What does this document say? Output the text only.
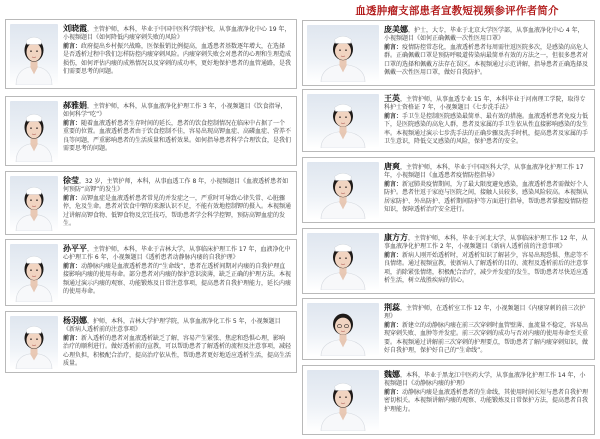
血透肿瘤支部患者宣教短视频参评作者简介
刘晓霞，主管护师，本科，毕业于中国中医科学院护校，从事血液净化中心 19 年，小视频题目《如何降低内瘘穿刺失败的风险》
前言：政府提出乡村振兴战略，医保报销比例提高，血透患者基数逐年增大，在选择是否透析过程中我们怎样防控内瘘穿刺风险。内瘘穿刺失败会对患者的心理和生理造成损伤，如何评估内瘘的成熟情况以及穿刺的成功率，更好地保护患者的血管通路，是我们需要思考的问题。
郝雅娟，主管护师，本科，从事血液净化护理工作 3 年，小视频题目《饮食指导，如何科学“吃”》
前言：随着血液透析患者生存时间的延长，患者的饮食控制情况在临床中占据了一个重要的位置。血液透析患者由于饮食控制不佳，容易出现高钾血症、高磷血症、营养不良等问题，严重影响患者的生活质量和透析效果。如何指导患者科学合理饮食，是我们需要思考的问题。
徐莹，32 岁，主管护师，本科，从事血透工作 8 年，小视频题目《血液透析患者如何预防“高钾”的发生》
前言：高钾血症是血液透析患者常见的并发症之一，严重时可导致心律失常、心脏骤停，危及生命。患者对饮食中钾的来源认识不足，不能有效地控制钾的摄入。本视频通过讲解高钾食物、低钾食物及烹饪技巧，帮助患者学会科学控钾，预防高钾血症的发生。
孙平平，主管护师，本科，毕业于吉林大学，从事临床护理工作 17 年，血液净化中心护理工作 6 年，小视频题目《透析患者动静脉内瘘的自我护理》
前言：动静脉内瘘是血液透析患者的“生命线”，患者在透析间期对内瘘的自我护理直接影响内瘘的使用寿命。部分患者对内瘘的保护意识淡薄，缺乏正确的护理方法。本视频通过演示内瘘的观察、功能锻炼及日常注意事项，提高患者自我护理能力，延长内瘘的使用寿命。
杨羽娜，护师，本科，吉林大学护理学院，从事血液净化工作 5 年，小视频题目《新病人透析前的注意事项》
前言：新入透析的患者对血液透析缺乏了解，容易产生紧张、焦虑和恐惧心理，影响治疗的顺利进行。做好透析前的宣教，可以帮助患者了解透析的流程及注意事项，减轻心理负担，积极配合治疗，提高治疗依从性，帮助患者更好地适应透析生活，提高生活质量。
庞美娜，护士，大专，毕业于北京大学医学部，从事血液净化中心 4 年，小视频题目《如何正确佩戴一次性医用口罩》
前言：疫情防控常态化，血液透析患者每周需往返医院多次，是感染的高危人群。正确佩戴口罩是预防呼吸道传染病最简单有效的方法之一，但很多患者对口罩的选择和佩戴方法存在误区。本视频通过示范讲解，指导患者正确选择及佩戴一次性医用口罩，做好自我防护。
王英，主管护师，从事血透专业 15 年，本科毕业于河南理工学院，取得专科护士资格证 7 年，小视频题目《七步洗手法》
前言：手卫生是控制医院感染最简单、最有效的措施。血液透析患者免疫力低下，是医院感染的高危人群，患者及家属的手卫生依从性直接影响感染的发生率。本视频通过演示七步洗手法的正确步骤及洗手时机，提高患者及家属的手卫生意识，降低交叉感染的风险，保护患者的安全。
唐爽，主管护师，本科，毕业于中国医科大学，从事血液净化护理工作 17 年，小视频题目《血透患者疫情防控指导》
前言：新冠肺炎疫情期间，为了最大限度避免感染，血液透析患者需做好个人防护。患者往返于家庭与医院之间，接触人员较多，感染风险较高。本视频从居家防护、外出防护、透析期间防护等方面进行指导，帮助患者掌握疫情防控知识，保障透析治疗安全进行。
康方方，主管护师，本科，毕业于河北大学，从事临床护理工作 12 年，从事血液净化护理工作 2 年，小视频题目《新病人透析前的注意事项》
前言：新病人刚开始透析时，对透析知识了解甚少，容易出现恐惧、焦虑等不良情绪。通过视频宣教，使新病人了解透析的目的、流程及透析前后的注意事项，消除紧张情绪，积极配合治疗，减少并发症的发生，帮助患者尽快适应透析生活，树立战胜疾病的信心。
荆蕊，主管护师，在透析室工作 12 年，小视频题目《内瘘穿刺的前三次护理》
前言：新建立的动静脉内瘘在前三次穿刺时血管壁薄、血流量不稳定，容易出现穿刺失败、血肿等并发症。前三次穿刺的成功与否对内瘘的使用寿命至关重要。本视频通过讲解前三次穿刺的护理要点，帮助患者了解内瘘穿刺知识，做好自我护理，保护好自己的“生命线”。
魏娜，本科，毕业于黑龙江中医药大学，从事血液净化护理工作 14 年，小视频题目《动静脉内瘘的护理》
前言：动静脉内瘘是血液透析患者的生命线，其使用时间长短与患者自我护理密切相关。本视频讲解内瘘的观察、功能锻炼及日常保护方法，提高患者自我护理能力。
